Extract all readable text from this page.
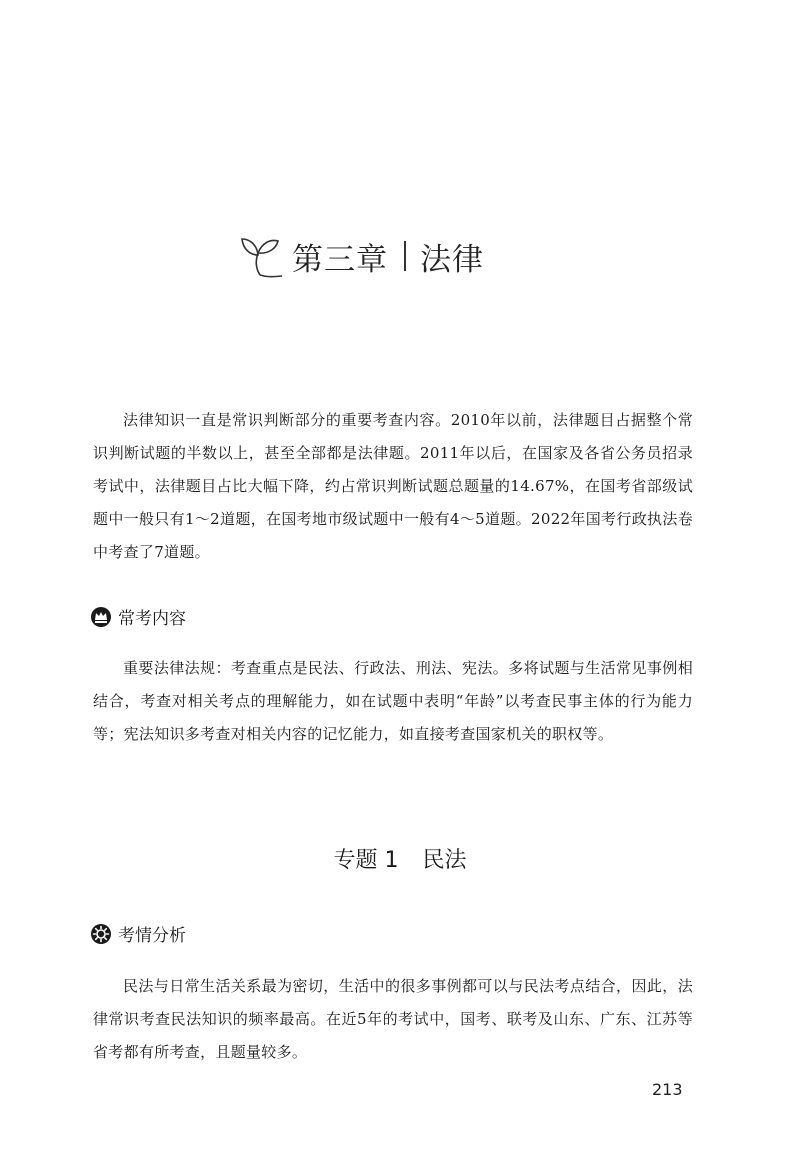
第三章 法律

法律知识一直是常识判断部分的重要考查内容。2010年以前，法律题目占据整个常识判断试题的半数以上，甚至全部都是法律题。2011年以后，在国家及各省公务员招录考试中，法律题目占比大幅下降，约占常识判断试题总题量的14.67%，在国考省部级试题中一般只有1～2道题，在国考地市级试题中一般有4～5道题。2022年国考行政执法卷中考查了7道题。

常考内容

重要法律法规：考查重点是民法、行政法、刑法、宪法。多将试题与生活常见事例相结合，考查对相关考点的理解能力，如在试题中表明“年龄”以考查民事主体的行为能力等；宪法知识多考查对相关内容的记忆能力，如直接考查国家机关的职权等。

专题 1 民法
考情分析

民法与日常生活关系最为密切，生活中的很多事例都可以与民法考点结合，因此，法律常识考查民法知识的频率最高。在近5年的考试中，国考、联考及山东、广东、江苏等省考都有所考查，且题量较多。

213
